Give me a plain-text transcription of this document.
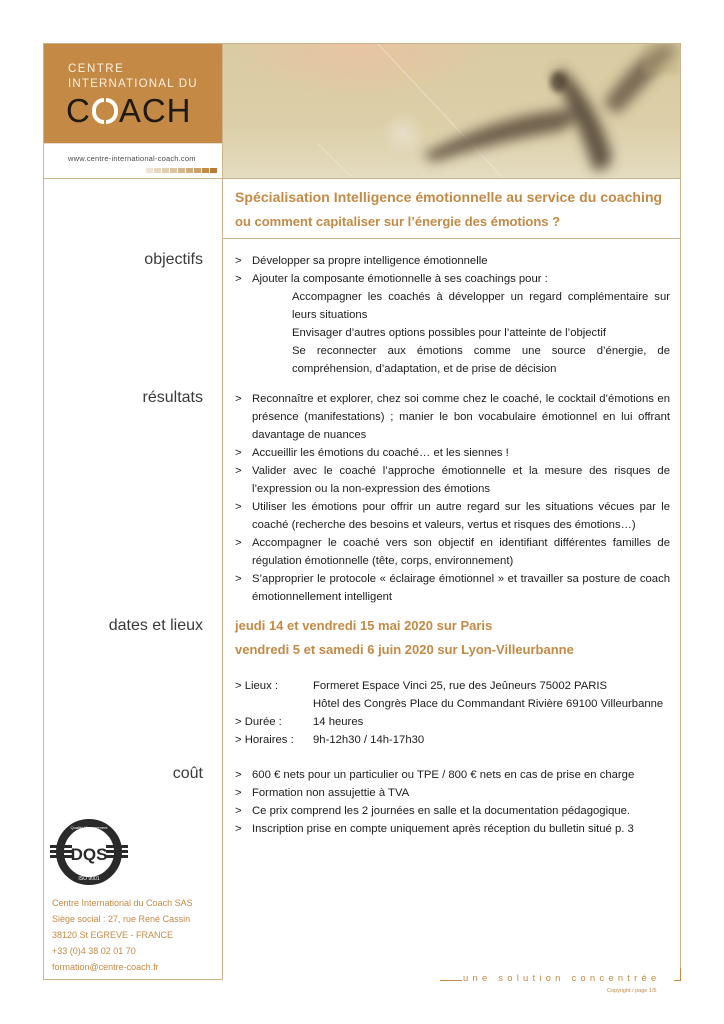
CENTRE
INTERNATIONAL DU
C ACH
www.centre-international-coach.com
Spécialisation Intelligence émotionnelle au service du coaching
ou comment capitaliser sur l’énergie des émotions ?
objectifs	> Développer sa propre intelligence émotionnelle
> Ajouter la composante émotionnelle à ses coachings pour :
Accompagner les coachés à développer un regard complémentaire sur leurs situations
Envisager d’autres options possibles pour l’atteinte de l’objectif
Se reconnecter aux émotions comme une source d’énergie, de compréhension, d’adaptation, et de prise de décision
résultats	> Reconnaître et explorer, chez soi comme chez le coaché, le cocktail d’émotions en présence (manifestations) ; manier le bon vocabulaire émotionnel en lui offrant davantage de nuances
> Accueillir les émotions du coaché… et les siennes !
> Valider avec le coaché l’approche émotionnelle et la mesure des risques de l’expression ou la non-expression des émotions
> Utiliser les émotions pour offrir un autre regard sur les situations vécues par le coaché (recherche des besoins et valeurs, vertus et risques des émotions…)
> Accompagner le coaché vers son objectif en identifiant différentes familles de régulation émotionnelle (tête, corps, environnement)
> S’approprier le protocole « éclairage émotionnel » et travailler sa posture de coach émotionnellement intelligent
dates et lieux jeudi 14 et vendredi 15 mai 2020 sur Paris
vendredi 5 et samedi 6 juin 2020 sur Lyon-Villeurbanne
> Lieux :	Formeret Espace Vinci 25, rue des Jeûneurs 75002 PARIS
Hôtel des Congrès Place du Commandant Rivière 69100 Villeurbanne
> Durée :	14 heures
> Horaires :	9h-12h30 / 14h-17h30
coût	> 600 € nets pour un particulier ou TPE / 800 € nets en cas de prise en charge
> Formation non assujettie à TVA
> Ce prix comprend les 2 journées en salle et la documentation pédagogique.
> Inscription prise en compte uniquement après réception du bulletin situé p. 3
DQS
Quality Management
ISO 9001
Centre International du Coach SAS
Siège social : 27, rue René Cassin
38120 St EGREVE - FRANCE
+33 (0)4 38 02 01 70
formation@centre-coach.fr
une solution concentrée
Copyright / page 1/5
